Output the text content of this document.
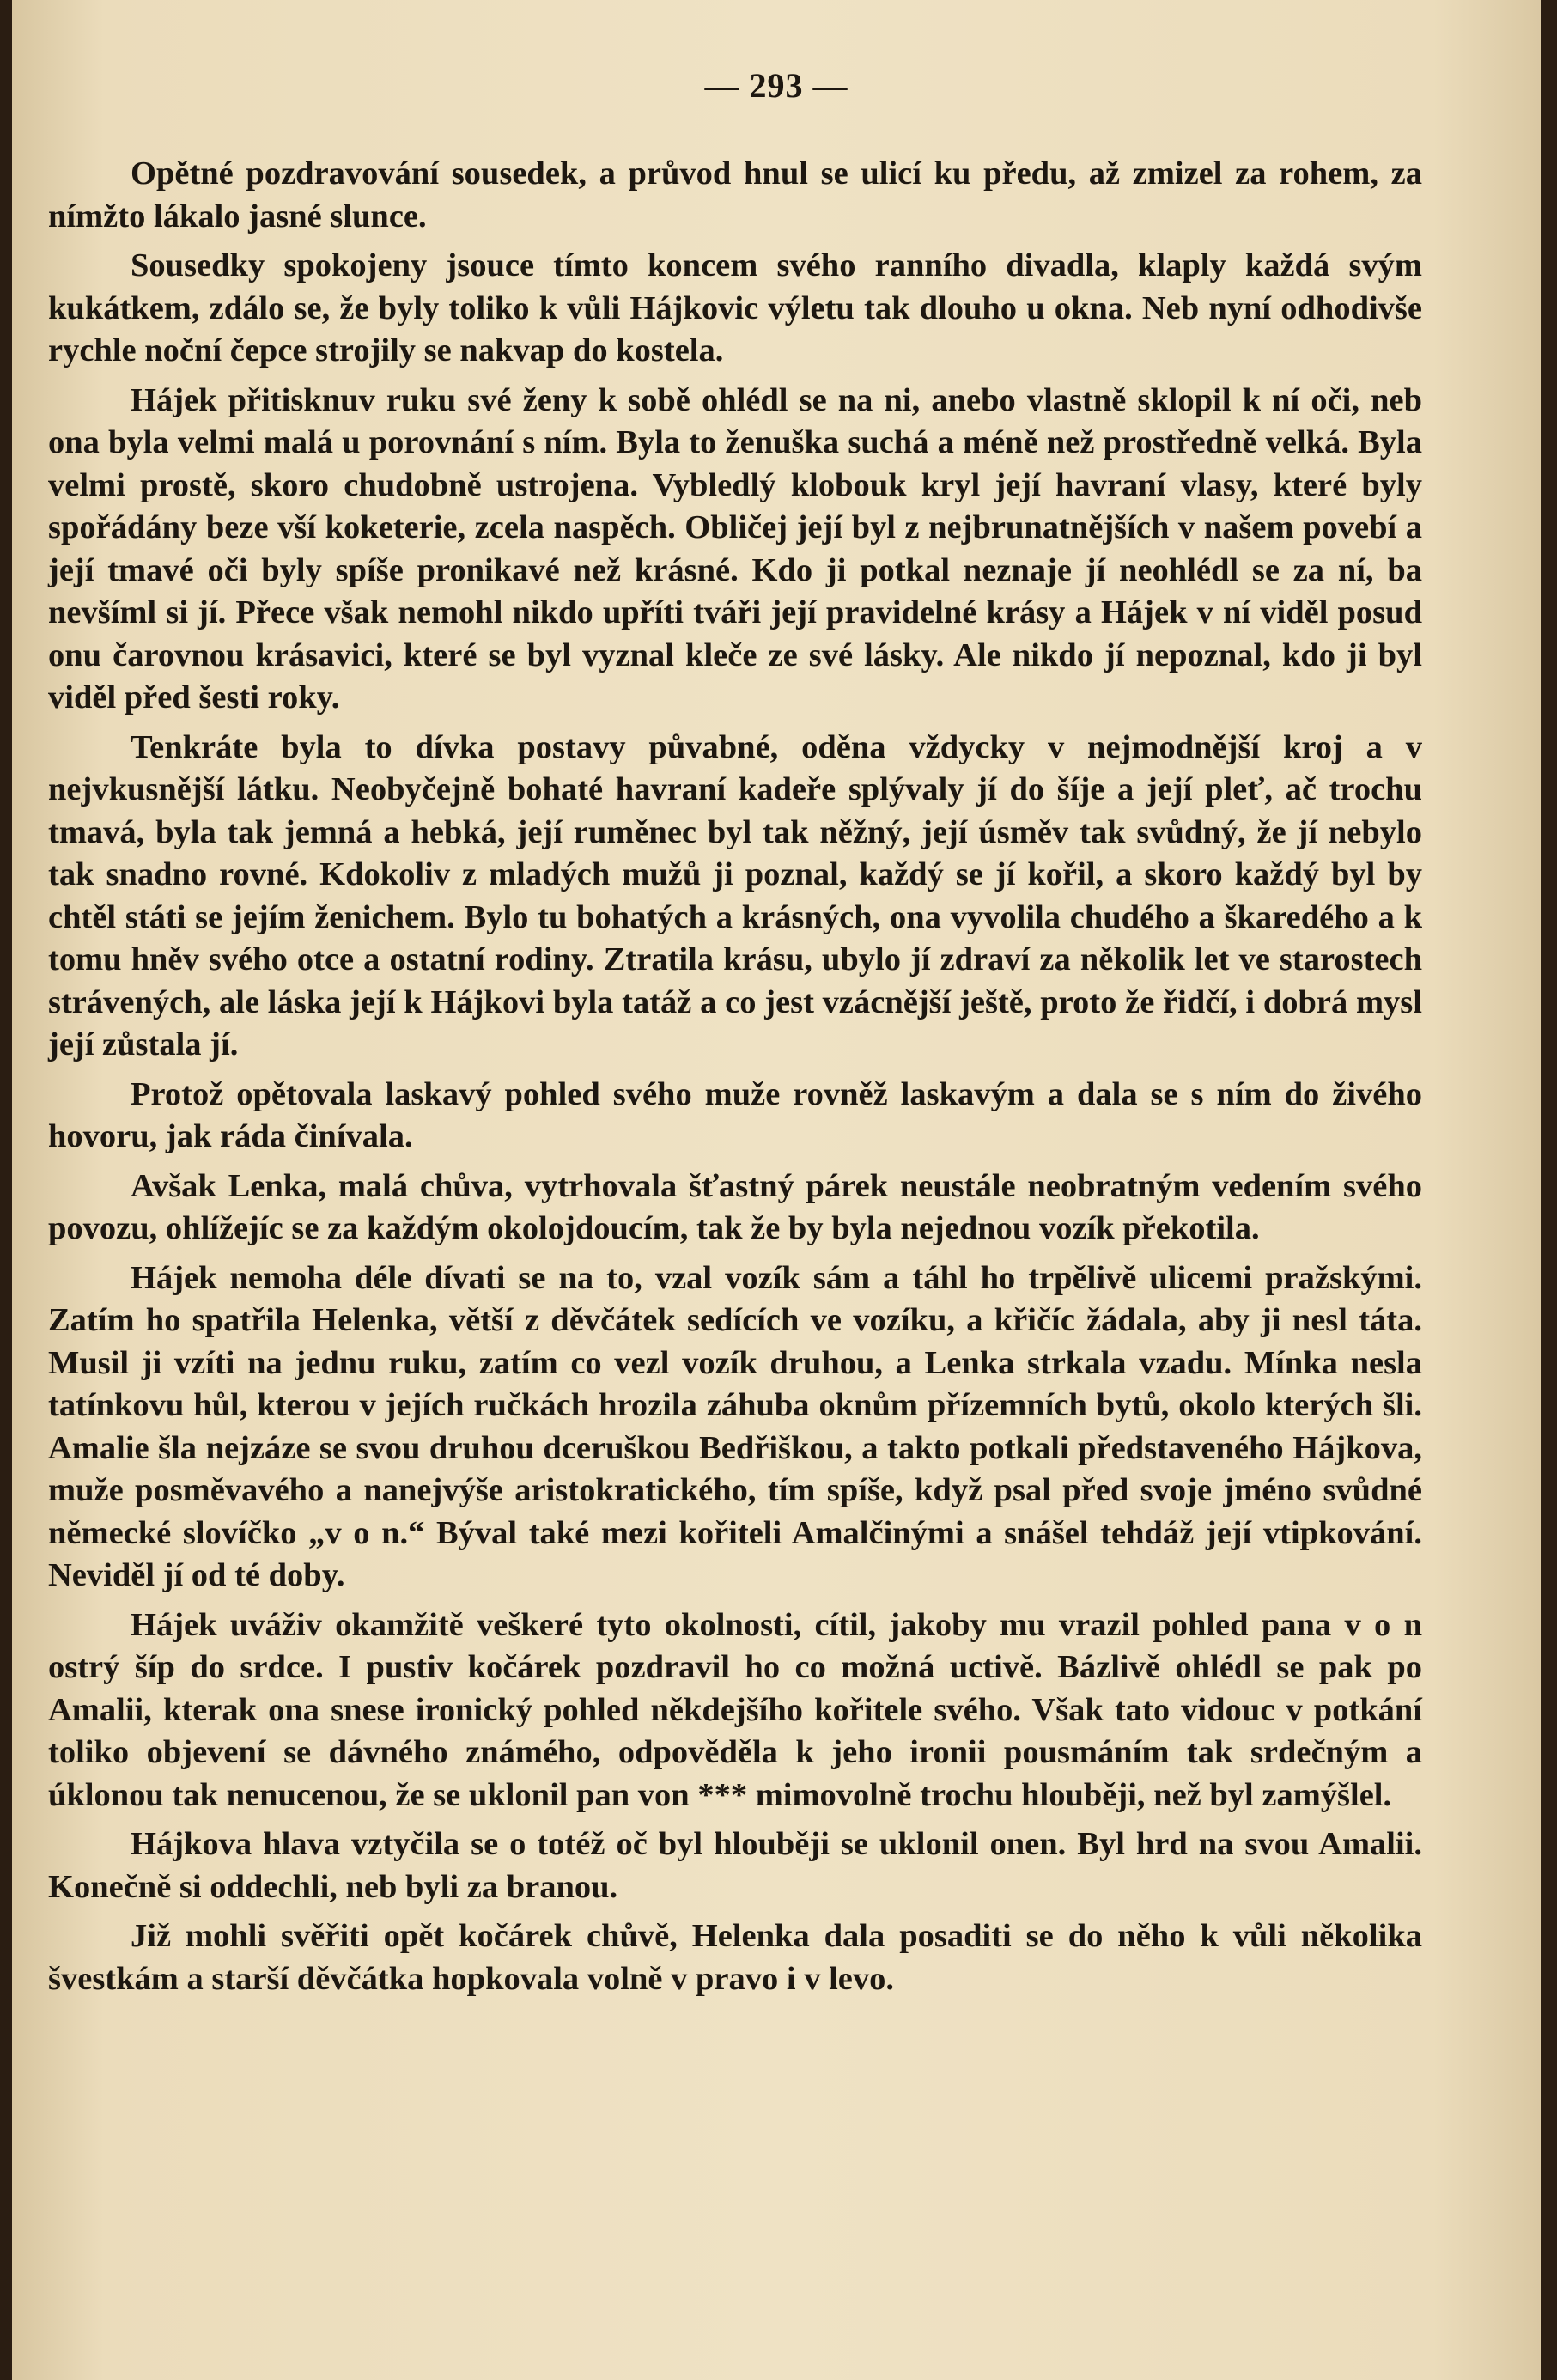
— 293 —

Opětné pozdravování sousedek, a průvod hnul se ulicí ku předu, až zmizel za rohem, za nímžto lákalo jasné slunce.

Sousedky spokojeny jsouce tímto koncem svého ranního divadla, klaply každá svým kukátkem, zdálo se, že byly toliko k vůli Hájkovic výletu tak dlouho u okna. Neb nyní odhodivše rychle noční čepce strojily se nakvap do kostela.

Hájek přitisknuv ruku své ženy k sobě ohlédl se na ni, anebo vlastně sklopil k ní oči, neb ona byla velmi malá u porovnání s ním. Byla to ženuška suchá a méně než prostředně velká. Byla velmi prostě, skoro chudobně ustrojena. Vybledlý klobouk kryl její havraní vlasy, které byly spořádány beze vší koketerie, zcela naspěch. Obličej její byl z nejbrunatnějších v našem povebí a její tmavé oči byly spíše pronikavé než krásné. Kdo ji potkal neznaje jí neohlédl se za ní, ba nevšíml si jí. Přece však nemohl nikdo upříti tváři její pravidelné krásy a Hájek v ní viděl posud onu čarovnou krásavici, které se byl vyznal kleče ze své lásky. Ale nikdo jí nepoznal, kdo ji byl viděl před šesti roky.

Tenkráte byla to dívka postavy půvabné, oděna vždycky v nejmodnější kroj a v nejvkusnější látku. Neobyčejně bohaté havraní kadeře splývaly jí do šíje a její pleť, ač trochu tmavá, byla tak jemná a hebká, její ruměnec byl tak něžný, její úsměv tak svůdný, že jí nebylo tak snadno rovné. Kdokoliv z mladých mužů ji poznal, každý se jí kořil, a skoro každý byl by chtěl státi se jejím ženichem. Bylo tu bohatých a krásných, ona vyvolila chudého a škaredého a k tomu hněv svého otce a ostatní rodiny. Ztratila krásu, ubylo jí zdraví za několik let ve starostech strávených, ale láska její k Hájkovi byla tatáž a co jest vzácnější ještě, proto že řidčí, i dobrá mysl její zůstala jí.

Protož opětovala laskavý pohled svého muže rovněž laskavým a dala se s ním do živého hovoru, jak ráda činívala.

Avšak Lenka, malá chůva, vytrhovala šťastný párek neustále neobratným vedením svého povozu, ohlížejíc se za každým okolojdoucím, tak že by byla nejednou vozík překotila.

Hájek nemoha déle dívati se na to, vzal vozík sám a táhl ho trpělivě ulicemi pražskými. Zatím ho spatřila Helenka, větší z děvčátek sedících ve vozíku, a křičíc žádala, aby ji nesl táta. Musil ji vzíti na jednu ruku, zatím co vezl vozík druhou, a Lenka strkala vzadu. Mínka nesla tatínkovu hůl, kterou v jejích ručkách hrozila záhuba oknům přízemních bytů, okolo kterých šli. Amalie šla nejzáze se svou druhou dceruškou Bedřiškou, a takto potkali představeného Hájkova, muže posměvavého a nanejvýše aristokratického, tím spíše, když psal před svoje jméno svůdné německé slovíčko „v o n.“ Býval také mezi kořiteli Amalčinými a snášel tehdáž její vtipkování. Neviděl jí od té doby.

Hájek uváživ okamžitě veškeré tyto okolnosti, cítil, jakoby mu vrazil pohled pana v o n ostrý šíp do srdce. I pustiv kočárek pozdravil ho co možná uctivě. Bázlivě ohlédl se pak po Amalii, kterak ona snese ironický pohled někdejšího kořitele svého. Však tato vidouc v potkání toliko objevení se dávného známého, odpověděla k jeho ironii pousmáním tak srdečným a úklonou tak nenucenou, že se uklonil pan von *** mimovolně trochu hlouběji, než byl zamýšlel.

Hájkova hlava vztyčila se o totéž oč byl hlouběji se uklonil onen. Byl hrd na svou Amalii. Konečně si oddechli, neb byli za branou.

Již mohli svěřiti opět kočárek chůvě, Helenka dala posaditi se do něho k vůli několika švestkám a starší děvčátka hopkovala volně v pravo i v levo.
